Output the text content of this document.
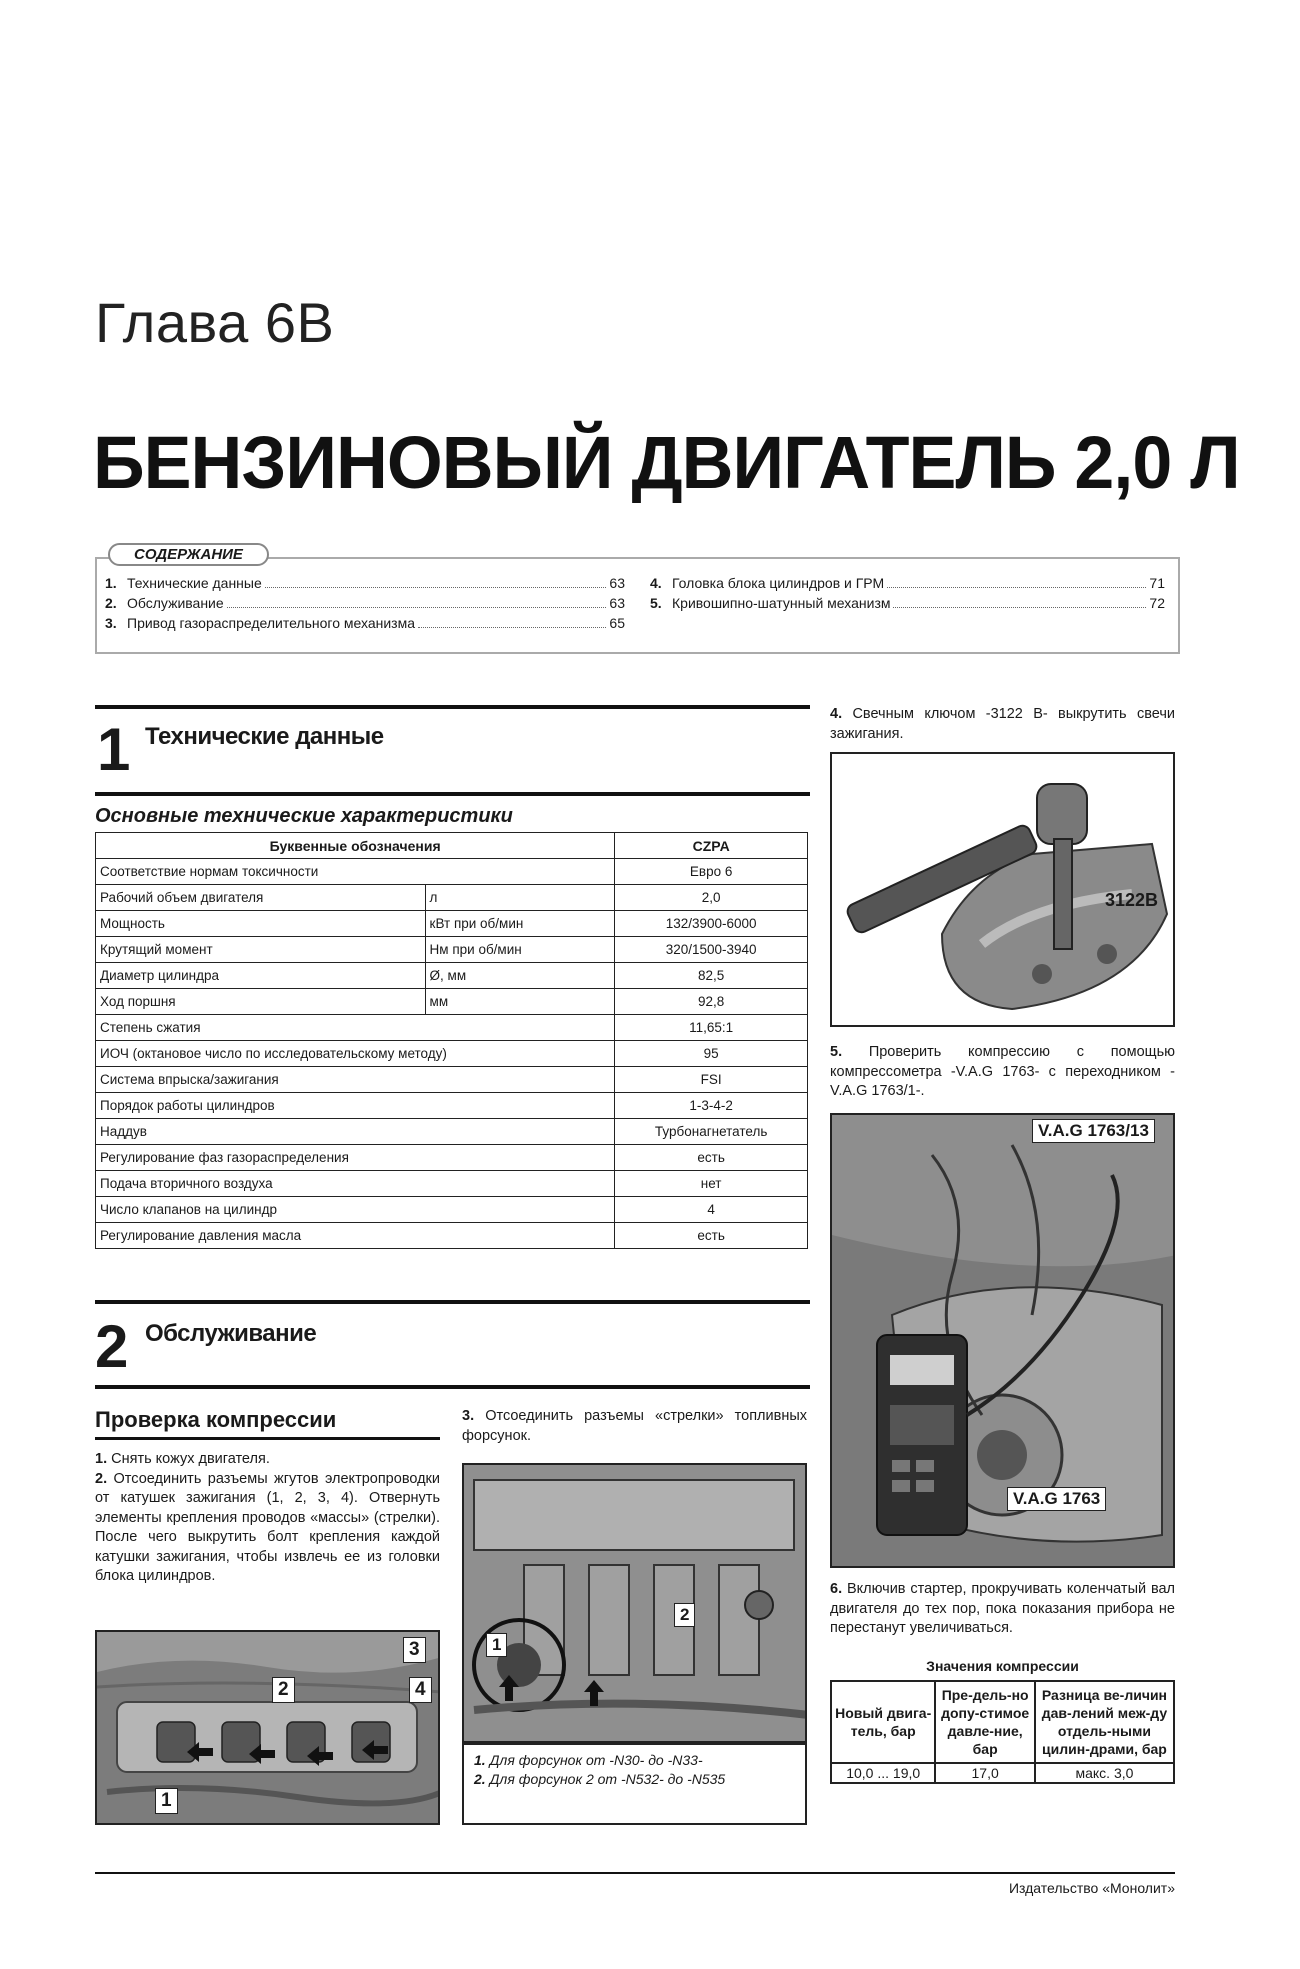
Глава 6В
БЕНЗИНОВЫЙ ДВИГАТЕЛЬ 2,0 Л
СОДЕРЖАНИЕ
1. Технические данные	63
2. Обслуживание	63
3. Привод газораспределительного механизма	65
4. Головка блока цилиндров и ГРМ	71
5. Кривошипно-шатунный механизм	72
1 Технические данные
Основные технические характеристики
Буквенные обозначения		CZPA
Соответствие нормам токсичности		Евро 6
Рабочий объем двигателя	л	2,0
Мощность	кВт при об/мин	132/3900-6000
Крутящий момент	Нм при об/мин	320/1500-3940
Диаметр цилиндра	Ø, мм	82,5
Ход поршня	мм	92,8
Степень сжатия		11,65:1
ИОЧ (октановое число по исследовательскому методу)		95
Система впрыска/зажигания		FSI
Порядок работы цилиндров		1-3-4-2
Наддув		Турбонагнетатель
Регулирование фаз газораспределения		есть
Подача вторичного воздуха		нет
Число клапанов на цилиндр		4
Регулирование давления масла		есть
2 Обслуживание
Проверка компрессии
1. Снять кожух двигателя.
2. Отсоединить разъемы жгутов электропроводки от катушек зажигания (1, 2, 3, 4). Отвернуть элементы крепления проводов «массы» (стрелки). После чего выкрутить болт крепления каждой катушки зажигания, чтобы извлечь ее из головки блока цилиндров.
1
2
3
4
3. Отсоединить разъемы «стрелки» топливных форсунок.
1
2
1. Для форсунок от -N30- до -N33-
2. Для форсунок 2 от -N532- до -N535
4. Свечным ключом -3122 В- выкрутить свечи зажигания.
3122В
5. Проверить компрессию с помощью компрессометра -V.A.G 1763- с переходником -V.A.G 1763/1-.
V.A.G 1763/13
V.A.G 1763
6. Включив стартер, прокручивать коленчатый вал двигателя до тех пор, пока показания прибора не перестанут увеличиваться.
Значения компрессии
Новый двига-тель, бар	Пре-дель-но допу-стимое давле-ние, бар	Разница ве-личин дав-лений меж-ду отдель-ными цилин-драми, бар
10,0 ... 19,0	17,0	макс. 3,0
Издательство «Монолит»
